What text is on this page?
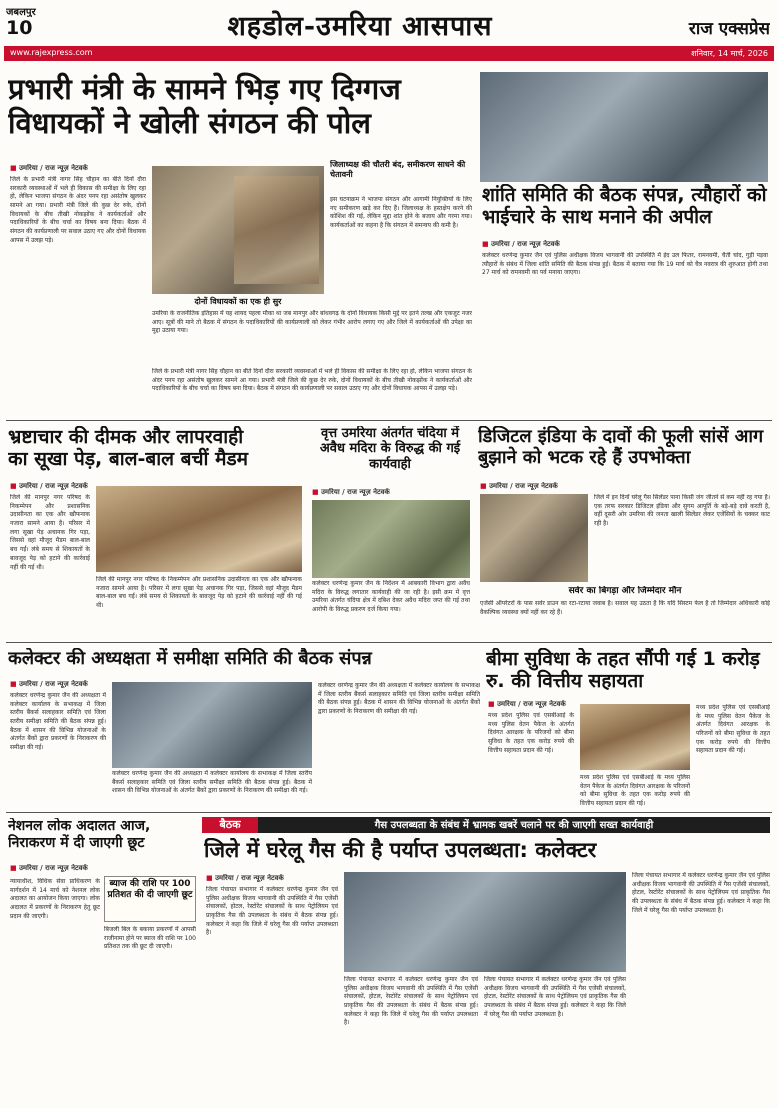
जबलपुर
10	शहडोल-उमरिया आसपास	राज एक्सप्रेस
www.rajexpress.com	शनिवार, 14 मार्च, 2026
प्रभारी मंत्री के सामने भिड़ गए दिग्गज
विधायकों ने खोली संगठन की पोल
■ उमरिया / राज न्यूज़ नेटवर्क
जिले के प्रभारी मंत्री नागर सिंह चौहान का बीते दिनों दौरा सरकारी व्यवस्थाओं में भले ही विकास की समीक्षा के लिए रहा हो, लेकिन भाजपा संगठन के अंदर पनप रहा असंतोष खुलकर सामने आ गया। प्रभारी मंत्री जिले की कुछ देर रुके, दोनों विधायकों के बीच तीखी नोकझोंक ने कार्यकर्ताओं और पदाधिकारियों के बीच चर्चा का विषय बना दिया। बैठक में संगठन की कार्यप्रणाली पर सवाल उठाए गए और दोनों विधायक आपस में उलझ पड़े।
दोनों विधायकों का एक ही सुर
उमरिया के राजनीतिक इतिहास में यह शायद पहला मौका था जब मानपुर और बांधवगढ़ के दोनों विधायक किसी मुद्दे पर इतने तल्ख और एकजुट नजर आए। सूत्रों की माने तो बैठक में संगठन के पदाधिकारियों की कार्यप्रणाली को लेकर गंभीर आरोप लगाए गए और जिले में कार्यकर्ताओं की उपेक्षा का मुद्दा उठाया गया।
जिले के प्रभारी मंत्री नागर सिंह चौहान का बीते दिनों दौरा सरकारी व्यवस्थाओं में भले ही विकास की समीक्षा के लिए रहा हो, लेकिन भाजपा संगठन के अंदर पनप रहा असंतोष खुलकर सामने आ गया। प्रभारी मंत्री जिले की कुछ देर रुके, दोनों विधायकों के बीच तीखी नोकझोंक ने कार्यकर्ताओं और पदाधिकारियों के बीच चर्चा का विषय बना दिया। बैठक में संगठन की कार्यप्रणाली पर सवाल उठाए गए और दोनों विधायक आपस में उलझ पड़े।
जिलाध्यक्ष की चौतरी बंद, समीकरण साधने की चेतावनी
इस घटनाक्रम ने भाजपा संगठन और आगामी नियुक्तियों के लिए नए समीकरण खड़े कर दिए हैं। जिलाध्यक्ष के हस्तक्षेप करने की कोशिश की गई, लेकिन मुद्दा शांत होने के बजाय और गरमा गया। कार्यकर्ताओं का कहना है कि संगठन में समन्वय की कमी है।
शांति समिति की बैठक संपन्न, त्यौहारों को भाईचारे के साथ मनाने की अपील
■ उमरिया / राज न्यूज़ नेटवर्क
कलेक्टर धरणेन्द्र कुमार जैन एवं पुलिस अधीक्षक विजय भागवानी की उपस्थिति में ईद उल फितर, रामनवमी, चैती चांद, गुड़ी पड़वा त्यौहारों के संबंध में जिला शांति समिति की बैठक संपन्न हुई। बैठक में बताया गया कि 19 मार्च को चैत्र नवरात्र की शुरुआत होगी तथा 27 मार्च को रामनवमी का पर्व मनाया जाएगा।
भ्रष्टाचार की दीमक और लापरवाही
का सूखा पेड़, बाल-बाल बचीं मैडम
■ उमरिया / राज न्यूज़ नेटवर्क
जिले की मानपुर नगर परिषद के निकम्मेपन और प्रशासनिक उदासीनता का एक और खौफनाक नजारा सामने आया है। परिसर में लगा सूखा पेड़ अचानक गिर पड़ा, जिससे वहां मौजूद मैडम बाल-बाल बच गईं। लंबे समय से शिकायतों के बावजूद पेड़ को हटाने की कार्रवाई नहीं की गई थी।
जिले की मानपुर नगर परिषद के निकम्मेपन और प्रशासनिक उदासीनता का एक और खौफनाक नजारा सामने आया है। परिसर में लगा सूखा पेड़ अचानक गिर पड़ा, जिससे वहां मौजूद मैडम बाल-बाल बच गईं। लंबे समय से शिकायतों के बावजूद पेड़ को हटाने की कार्रवाई नहीं की गई थी।
वृत्त उमरिया अंतर्गत चंदिया में अवैध मदिरा के विरुद्ध की गई कार्यवाही
■ उमरिया / राज न्यूज़ नेटवर्क
कलेक्टर धरणेन्द्र कुमार जैन के निर्देशन में आबकारी विभाग द्वारा अवैध मदिरा के विरुद्ध लगातार कार्यवाही की जा रही है। इसी क्रम में वृत्त उमरिया अंतर्गत चंदिया क्षेत्र में दबिश देकर अवैध मदिरा जप्त की गई तथा आरोपी के विरुद्ध प्रकरण दर्ज किया गया।
डिजिटल इंडिया के दावों की फूली सांसें आग बुझाने को भटक रहे हैं उपभोक्ता
■ उमरिया / राज न्यूज़ नेटवर्क
जिले में इन दिनों घरेलू गैस सिलेंडर पाना किसी जंग जीतने से कम नहीं रह गया है। एक तरफ सरकार डिजिटल इंडिया और सुगम आपूर्ति के बड़े-बड़े दावे करती है, वहीं दूसरी ओर उमरिया की जनता खाली सिलेंडर लेकर एजेंसियों के चक्कर काट रही है।
सर्वर का बिगड़ा और जिम्मेदार मौन
एजेंसी ऑपरेटरों के पास सर्वर डाउन का रटा-रटाया जवाब है। सवाल यह उठता है कि यदि सिस्टम फेल है तो जिम्मेदार अधिकारी कोई वैकल्पिक व्यवस्था क्यों नहीं कर रहे हैं।
कलेक्टर की अध्यक्षता में समीक्षा समिति की बैठक संपन्न
■ उमरिया / राज न्यूज़ नेटवर्क
कलेक्टर धरणेन्द्र कुमार जैन की अध्यक्षता में कलेक्टर कार्यालय के सभाकक्ष में जिला स्तरीय बैंकर्स सलाहकार समिति एवं जिला स्तरीय समीक्षा समिति की बैठक संपन्न हुई। बैठक में शासन की विभिन्न योजनाओं के अंतर्गत बैंकों द्वारा प्रकरणों के निराकरण की समीक्षा की गई।
कलेक्टर धरणेन्द्र कुमार जैन की अध्यक्षता में कलेक्टर कार्यालय के सभाकक्ष में जिला स्तरीय बैंकर्स सलाहकार समिति एवं जिला स्तरीय समीक्षा समिति की बैठक संपन्न हुई। बैठक में शासन की विभिन्न योजनाओं के अंतर्गत बैंकों द्वारा प्रकरणों के निराकरण की समीक्षा की गई।
कलेक्टर धरणेन्द्र कुमार जैन की अध्यक्षता में कलेक्टर कार्यालय के सभाकक्ष में जिला स्तरीय बैंकर्स सलाहकार समिति एवं जिला स्तरीय समीक्षा समिति की बैठक संपन्न हुई। बैठक में शासन की विभिन्न योजनाओं के अंतर्गत बैंकों द्वारा प्रकरणों के निराकरण की समीक्षा की गई।
बीमा सुविधा के तहत सौंपी गई 1 करोड़ रु. की वित्तीय सहायता
■ उमरिया / राज न्यूज़ नेटवर्क
मध्य प्रदेश पुलिस एवं एसबीआई के मध्य पुलिस वेतन पैकेज के अंतर्गत दिवंगत आरक्षक के परिजनों को बीमा सुविधा के तहत एक करोड़ रुपये की वित्तीय सहायता प्रदान की गई।
मध्य प्रदेश पुलिस एवं एसबीआई के मध्य पुलिस वेतन पैकेज के अंतर्गत दिवंगत आरक्षक के परिजनों को बीमा सुविधा के तहत एक करोड़ रुपये की वित्तीय सहायता प्रदान की गई।
मध्य प्रदेश पुलिस एवं एसबीआई के मध्य पुलिस वेतन पैकेज के अंतर्गत दिवंगत आरक्षक के परिजनों को बीमा सुविधा के तहत एक करोड़ रुपये की वित्तीय सहायता प्रदान की गई।
नेशनल लोक अदालत आज, निराकरण में दी जाएगी छूट
■ उमरिया / राज न्यूज़ नेटवर्क
न्यायाधीश, विधिक सेवा प्राधिकरण के मार्गदर्शन में 14 मार्च को नेशनल लोक अदालत का आयोजन किया जाएगा। लोक अदालत में प्रकरणों के निराकरण हेतु छूट प्रदान की जाएगी।
ब्याज की राशि पर 100 प्रतिशत की दी जाएगी छूट
बिजली बिल के बकाया प्रकरणों में आपसी राजीनामा होने पर ब्याज की राशि पर 100 प्रतिशत तक की छूट दी जाएगी।
बैठक	गैस उपलब्धता के संबंध में भ्रामक खबरें चलाने पर की जाएगी सख्त कार्यवाही
जिले में घरेलू गैस की है पर्याप्त उपलब्धता: कलेक्टर
■ उमरिया / राज न्यूज़ नेटवर्क
जिला पंचायत सभागार में कलेक्टर धरणेन्द्र कुमार जैन एवं पुलिस अधीक्षक विजय भागवानी की उपस्थिति में गैस एजेंसी संचालकों, होटल, रेस्टोरेंट संचालकों के साथ पेट्रोलियम एवं प्राकृतिक गैस की उपलब्धता के संबंध में बैठक संपन्न हुई। कलेक्टर ने कहा कि जिले में घरेलू गैस की पर्याप्त उपलब्धता है।
जिला पंचायत सभागार में कलेक्टर धरणेन्द्र कुमार जैन एवं पुलिस अधीक्षक विजय भागवानी की उपस्थिति में गैस एजेंसी संचालकों, होटल, रेस्टोरेंट संचालकों के साथ पेट्रोलियम एवं प्राकृतिक गैस की उपलब्धता के संबंध में बैठक संपन्न हुई। कलेक्टर ने कहा कि जिले में घरेलू गैस की पर्याप्त उपलब्धता है।
जिला पंचायत सभागार में कलेक्टर धरणेन्द्र कुमार जैन एवं पुलिस अधीक्षक विजय भागवानी की उपस्थिति में गैस एजेंसी संचालकों, होटल, रेस्टोरेंट संचालकों के साथ पेट्रोलियम एवं प्राकृतिक गैस की उपलब्धता के संबंध में बैठक संपन्न हुई। कलेक्टर ने कहा कि जिले में घरेलू गैस की पर्याप्त उपलब्धता है।
जिला पंचायत सभागार में कलेक्टर धरणेन्द्र कुमार जैन एवं पुलिस अधीक्षक विजय भागवानी की उपस्थिति में गैस एजेंसी संचालकों, होटल, रेस्टोरेंट संचालकों के साथ पेट्रोलियम एवं प्राकृतिक गैस की उपलब्धता के संबंध में बैठक संपन्न हुई। कलेक्टर ने कहा कि जिले में घरेलू गैस की पर्याप्त उपलब्धता है।
